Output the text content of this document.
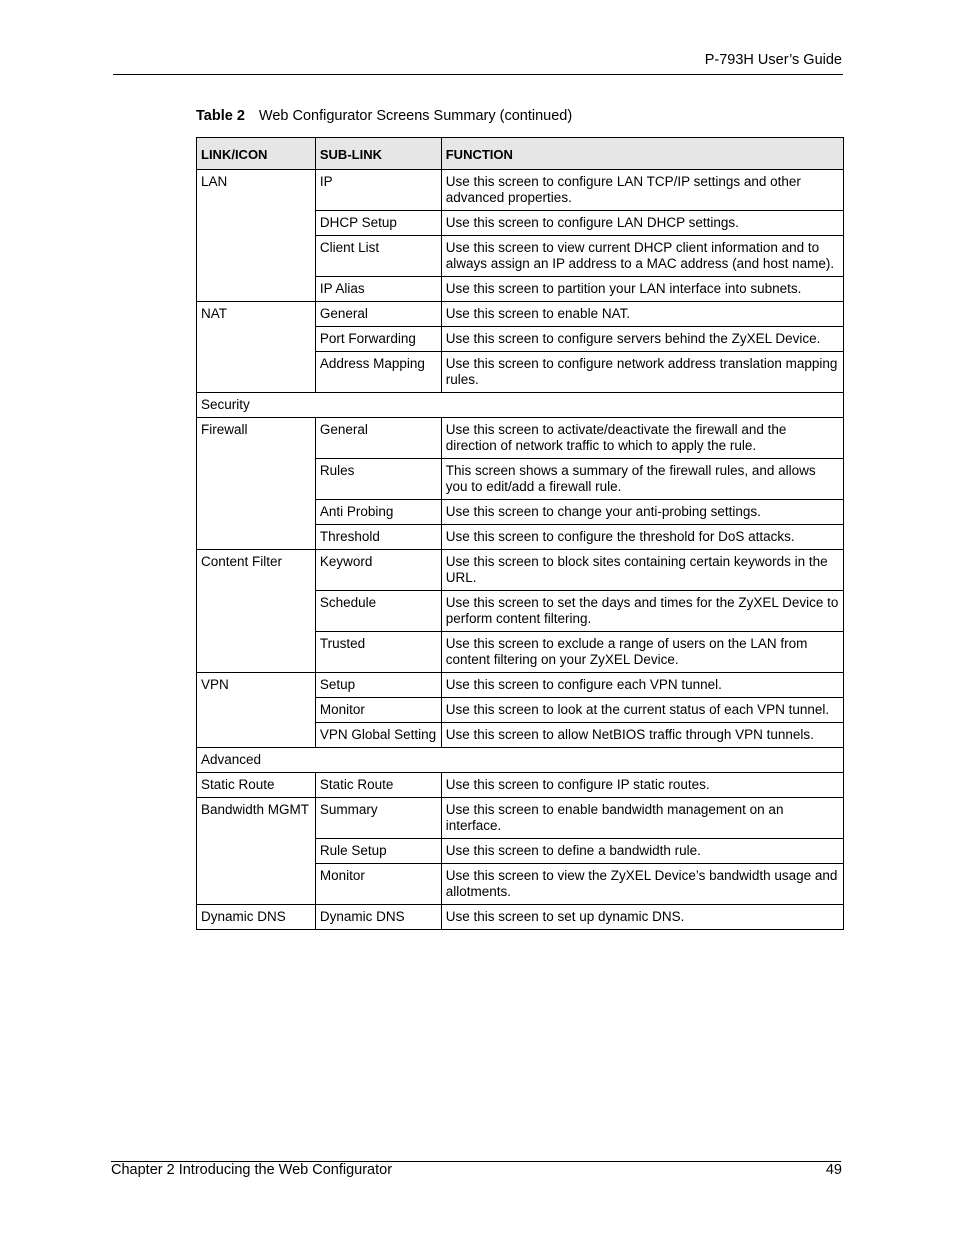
P-793H User’s Guide
Table 2 Web Configurator Screens Summary (continued)
LINK/ICON	SUB-LINK	FUNCTION
LAN	IP	Use this screen to configure LAN TCP/IP settings and other advanced properties.
	DHCP Setup	Use this screen to configure LAN DHCP settings.
	Client List	Use this screen to view current DHCP client information and to always assign an IP address to a MAC address (and host name).
	IP Alias	Use this screen to partition your LAN interface into subnets.
NAT	General	Use this screen to enable NAT.
	Port Forwarding	Use this screen to configure servers behind the ZyXEL Device.
	Address Mapping	Use this screen to configure network address translation mapping rules.
Security		
Firewall	General	Use this screen to activate/deactivate the firewall and the direction of network traffic to which to apply the rule.
	Rules	This screen shows a summary of the firewall rules, and allows you to edit/add a firewall rule.
	Anti Probing	Use this screen to change your anti-probing settings.
	Threshold	Use this screen to configure the threshold for DoS attacks.
Content Filter	Keyword	Use this screen to block sites containing certain keywords in the URL.
	Schedule	Use this screen to set the days and times for the ZyXEL Device to perform content filtering.
	Trusted	Use this screen to exclude a range of users on the LAN from content filtering on your ZyXEL Device.
VPN	Setup	Use this screen to configure each VPN tunnel.
	Monitor	Use this screen to look at the current status of each VPN tunnel.
	VPN Global Setting	Use this screen to allow NetBIOS traffic through VPN tunnels.
Advanced		
Static Route	Static Route	Use this screen to configure IP static routes.
Bandwidth MGMT	Summary	Use this screen to enable bandwidth management on an interface.
	Rule Setup	Use this screen to define a bandwidth rule.
	Monitor	Use this screen to view the ZyXEL Device’s bandwidth usage and allotments.
Dynamic DNS	Dynamic DNS	Use this screen to set up dynamic DNS.
Chapter 2 Introducing the Web Configurator	49
